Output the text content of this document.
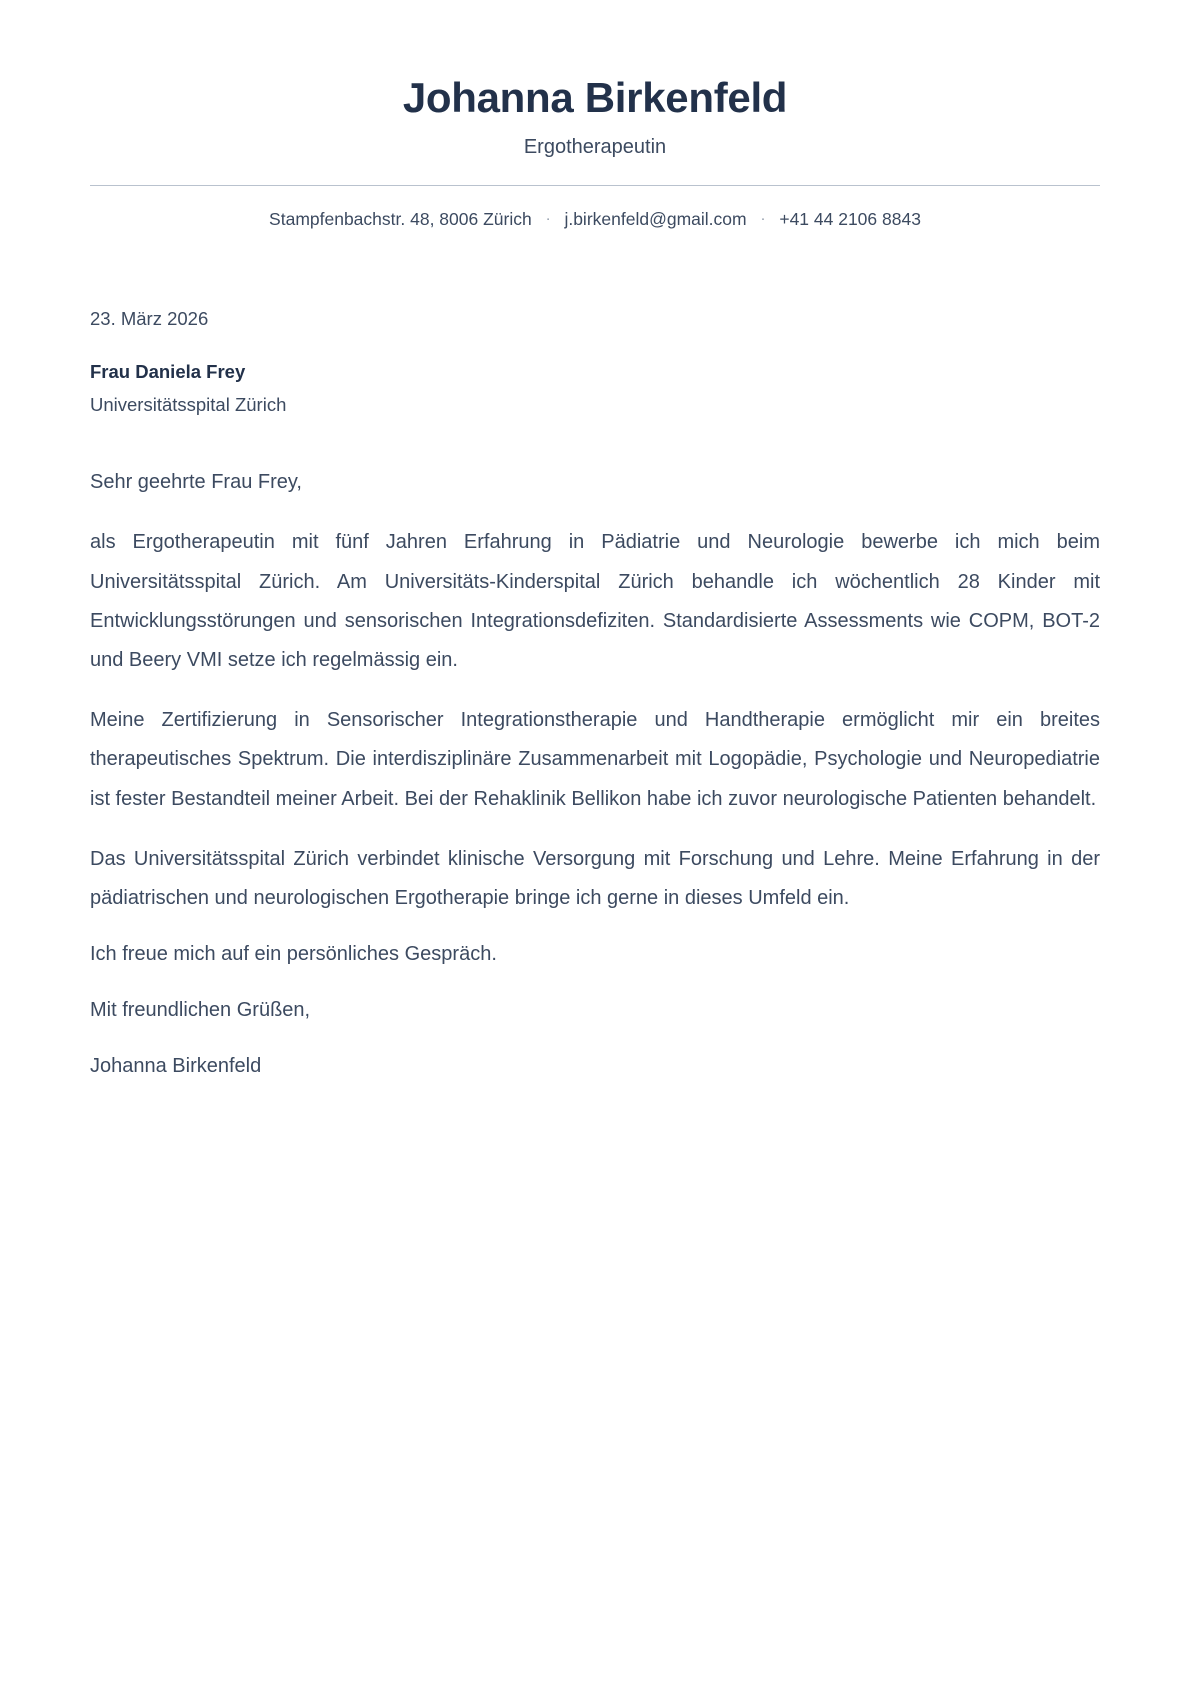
Johanna Birkenfeld

Ergotherapeutin

Stampfenbachstr. 48, 8006 Zürich · j.birkenfeld@gmail.com · +41 44 2106 8843
23. März 2026
Frau Daniela Frey
Universitätsspital Zürich

Sehr geehrte Frau Frey,

als Ergotherapeutin mit fünf Jahren Erfahrung in Pädiatrie und Neurologie bewerbe ich mich beim Universitätsspital Zürich. Am Universitäts-Kinderspital Zürich behandle ich wöchentlich 28 Kinder mit Entwicklungsstörungen und sensorischen Integrationsdefiziten. Standardisierte Assessments wie COPM, BOT-2 und Beery VMI setze ich regelmässig ein.

Meine Zertifizierung in Sensorischer Integrationstherapie und Handtherapie ermöglicht mir ein breites therapeutisches Spektrum. Die interdisziplinäre Zusammenarbeit mit Logopädie, Psychologie und Neuropediatrie ist fester Bestandteil meiner Arbeit. Bei der Rehaklinik Bellikon habe ich zuvor neurologische Patienten behandelt.

Das Universitätsspital Zürich verbindet klinische Versorgung mit Forschung und Lehre. Meine Erfahrung in der pädiatrischen und neurologischen Ergotherapie bringe ich gerne in dieses Umfeld ein.

Ich freue mich auf ein persönliches Gespräch.

Mit freundlichen Grüßen,

Johanna Birkenfeld
